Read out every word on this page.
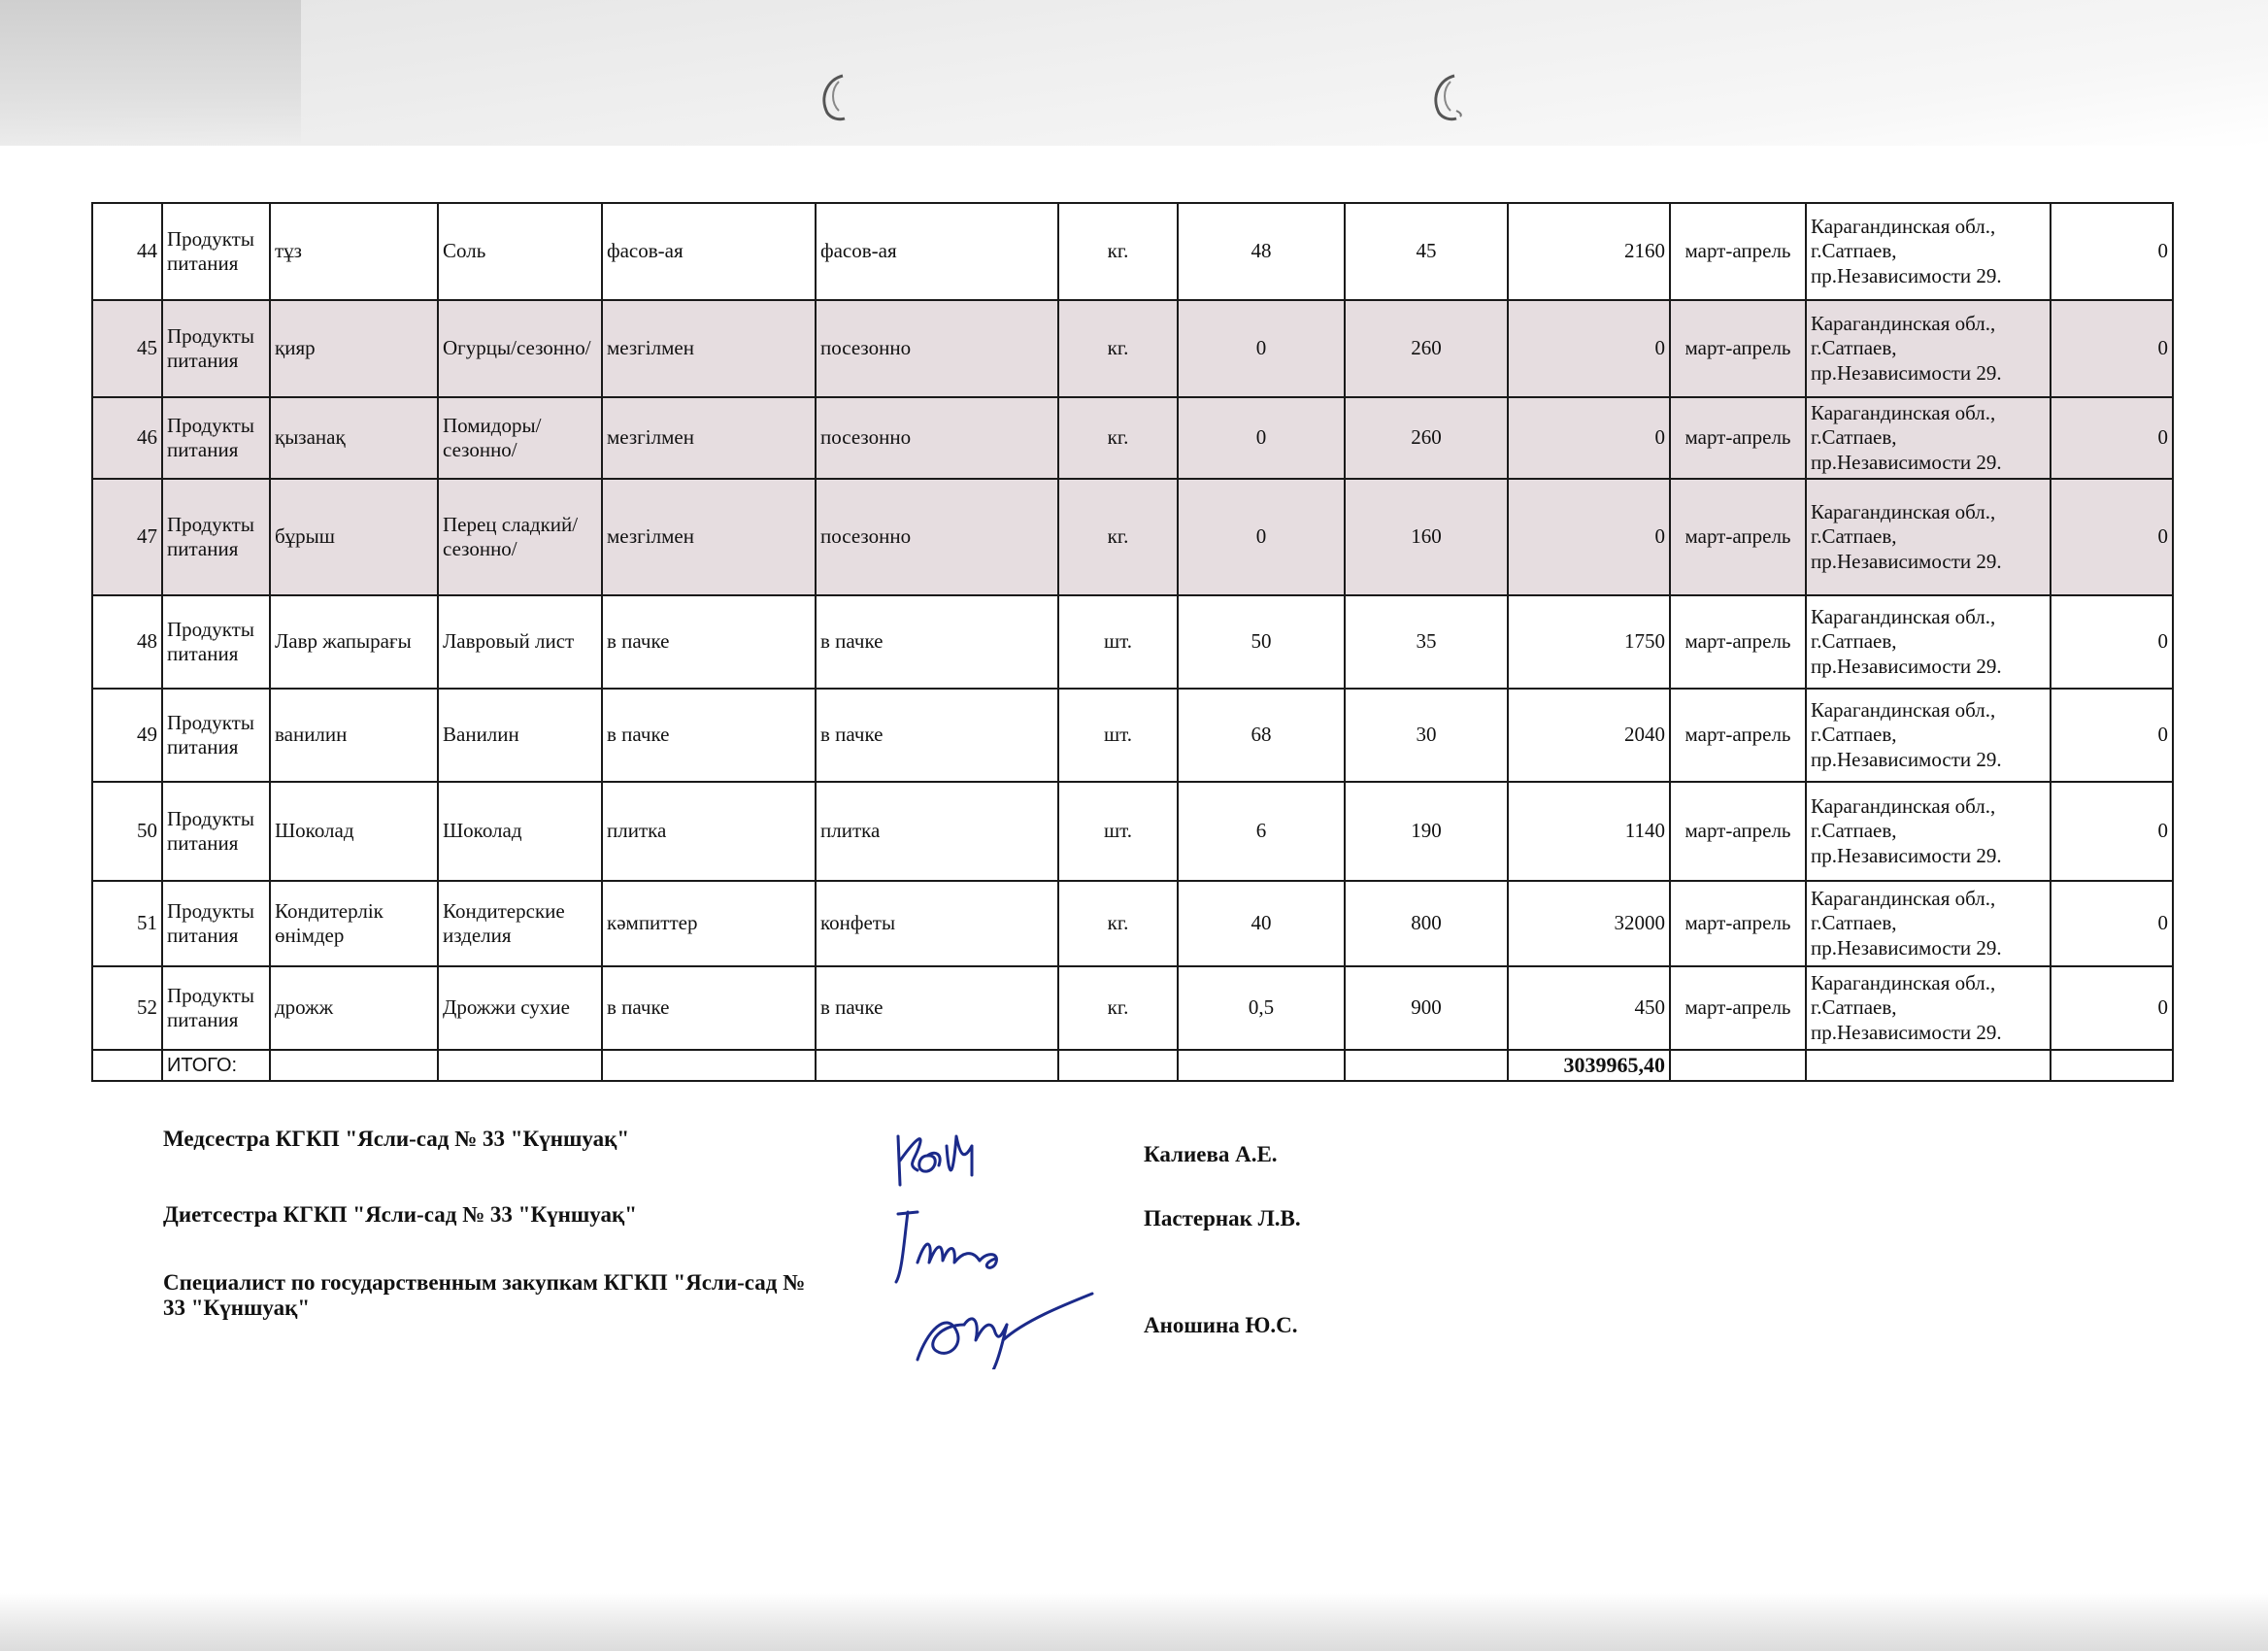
44	Продукты питания	тұз	Соль	фасов-ая	фасов-ая	кг.	48	45	2160	март-апрель	Карагандинская обл., г.Сатпаев, пр.Независимости 29.	0
45	Продукты питания	қияр	Огурцы/сезонно/	мезгілмен	посезонно	кг.	0	260	0	март-апрель	Карагандинская обл., г.Сатпаев, пр.Независимости 29.	0
46	Продукты питания	қызанақ	Помидоры/сезонно/	мезгілмен	посезонно	кг.	0	260	0	март-апрель	Карагандинская обл., г.Сатпаев, пр.Независимости 29.	0
47	Продукты питания	бұрыш	Перец сладкий/сезонно/	мезгілмен	посезонно	кг.	0	160	0	март-апрель	Карагандинская обл., г.Сатпаев, пр.Независимости 29.	0
48	Продукты питания	Лавр жапырағы	Лавровый лист	в пачке	в пачке	шт.	50	35	1750	март-апрель	Карагандинская обл., г.Сатпаев, пр.Независимости 29.	0
49	Продукты питания	ванилин	Ванилин	в пачке	в пачке	шт.	68	30	2040	март-апрель	Карагандинская обл., г.Сатпаев, пр.Независимости 29.	0
50	Продукты питания	Шоколад	Шоколад	плитка	плитка	шт.	6	190	1140	март-апрель	Карагандинская обл., г.Сатпаев, пр.Независимости 29.	0
51	Продукты питания	Кондитерлік өнімдер	Кондитерские изделия	кәмпиттер	конфеты	кг.	40	800	32000	март-апрель	Карагандинская обл., г.Сатпаев, пр.Независимости 29.	0
52	Продукты питания	дрожж	Дрожжи сухие	в пачке	в пачке	кг.	0,5	900	450	март-апрель	Карагандинская обл., г.Сатпаев, пр.Независимости 29.	0
	ИТОГО:								3039965,40			
Медсестра КГКП "Ясли-сад № 33 "Күншуақ"
Калиева А.Е.
Диетсестра КГКП "Ясли-сад № 33 "Күншуақ"	Пастернак Л.В.
Специалист по государственным закупкам КГКП "Ясли-сад № 33 "Күншуақ"
Аношина Ю.С.
